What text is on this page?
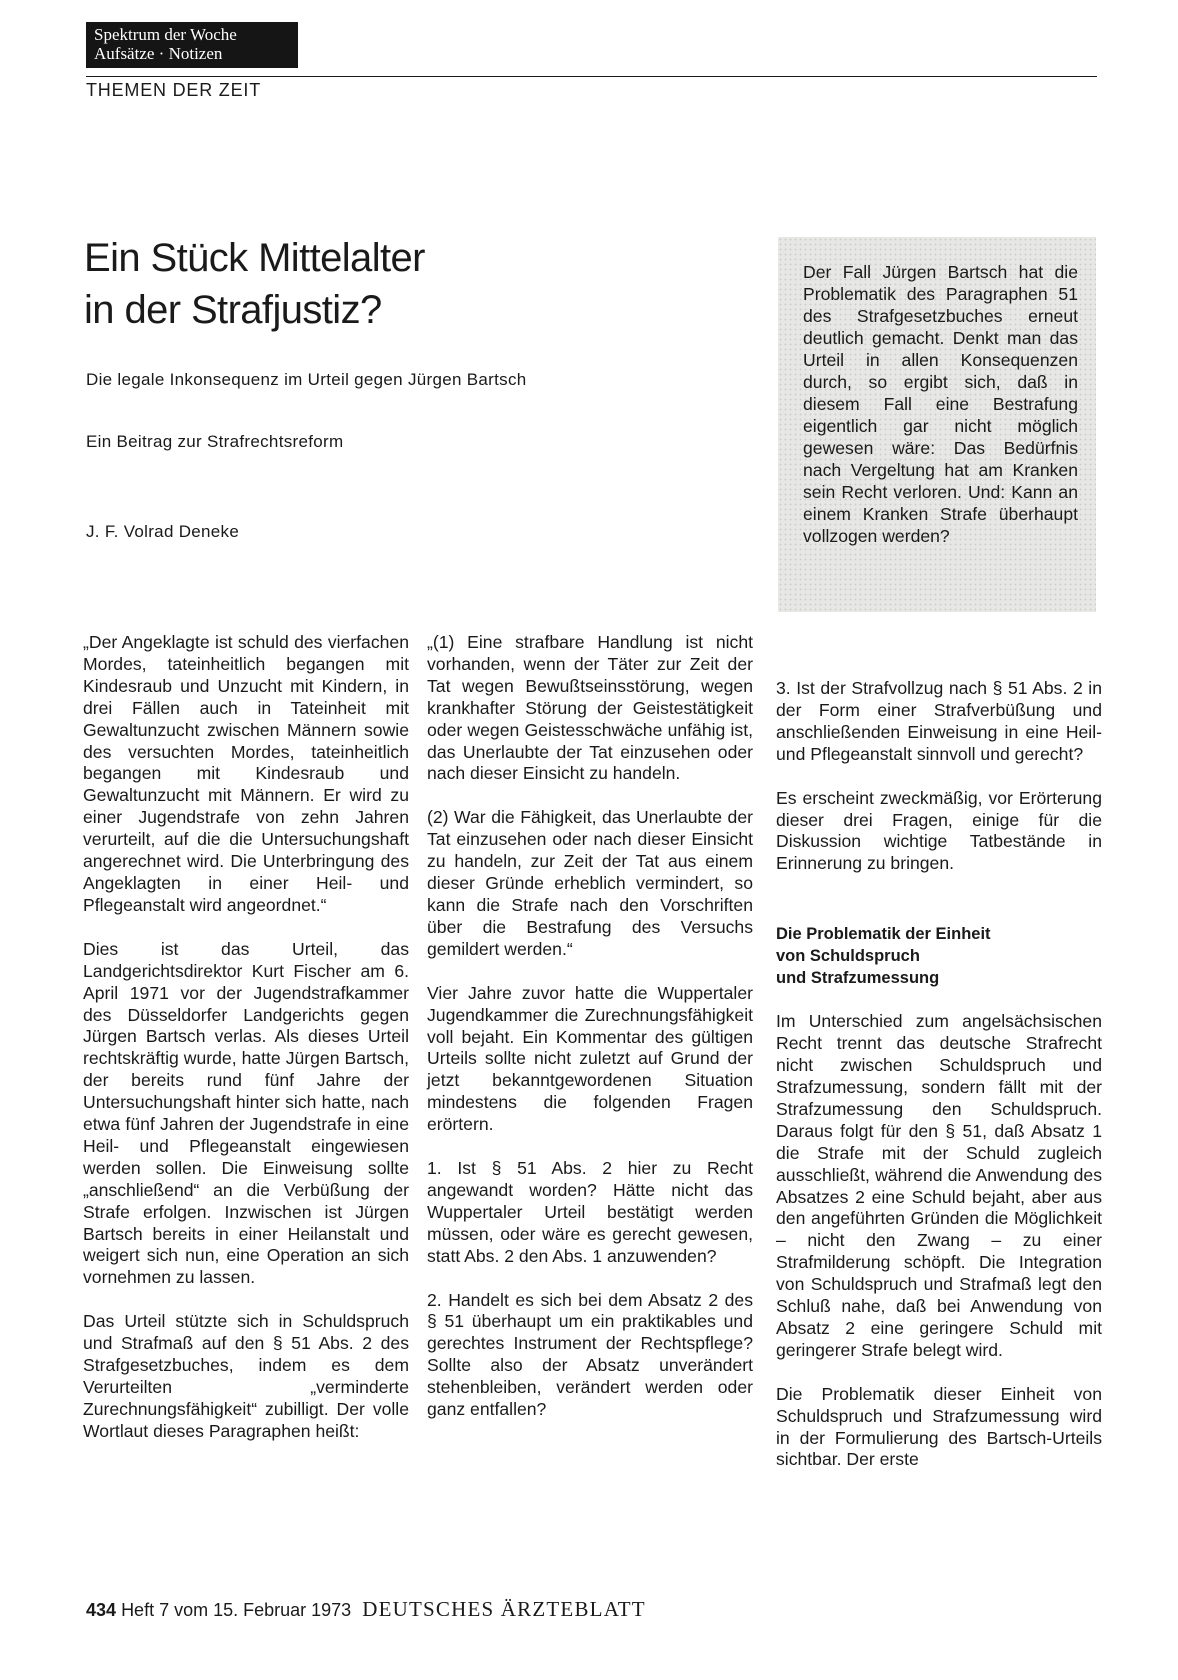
Spektrum der Woche
Aufsätze · Notizen
THEMEN DER ZEIT
Ein Stück Mittelalter
in der Strafjustiz?
Die legale Inkonsequenz im Urteil gegen Jürgen Bartsch
Ein Beitrag zur Strafrechtsreform
J. F. Volrad Deneke
Der Fall Jürgen Bartsch hat die Problematik des Paragraphen 51 des Strafgesetzbuches erneut deutlich gemacht. Denkt man das Urteil in allen Konsequenzen durch, so ergibt sich, daß in diesem Fall eine Bestrafung eigentlich gar nicht möglich gewesen wäre: Das Bedürfnis nach Vergeltung hat am Kranken sein Recht verloren. Und: Kann an einem Kranken Strafe überhaupt vollzogen werden?

„Der Angeklagte ist schuld des vierfachen Mordes, tateinheitlich begangen mit Kindesraub und Unzucht mit Kindern, in drei Fällen auch in Tateinheit mit Gewaltunzucht zwischen Männern sowie des versuchten Mordes, tateinheitlich begangen mit Kindesraub und Gewaltunzucht mit Männern. Er wird zu einer Jugendstrafe von zehn Jahren verurteilt, auf die die Untersuchungshaft angerechnet wird. Die Unterbringung des Angeklagten in einer Heil- und Pflegeanstalt wird angeordnet.“

Dies ist das Urteil, das Landgerichtsdirektor Kurt Fischer am 6. April 1971 vor der Jugendstrafkammer des Düsseldorfer Landgerichts gegen Jürgen Bartsch verlas. Als dieses Urteil rechtskräftig wurde, hatte Jürgen Bartsch, der bereits rund fünf Jahre der Untersuchungshaft hinter sich hatte, nach etwa fünf Jahren der Jugendstrafe in eine Heil- und Pflegeanstalt eingewiesen werden sollen. Die Einweisung sollte „anschließend“ an die Verbüßung der Strafe erfolgen. Inzwischen ist Jürgen Bartsch bereits in einer Heilanstalt und weigert sich nun, eine Operation an sich vornehmen zu lassen.

Das Urteil stützte sich in Schuldspruch und Strafmaß auf den § 51 Abs. 2 des Strafgesetzbuches, indem es dem Verurteilten „verminderte Zurechnungsfähigkeit“ zubilligt. Der volle Wortlaut dieses Paragraphen heißt:

„(1) Eine strafbare Handlung ist nicht vorhanden, wenn der Täter zur Zeit der Tat wegen Bewußtseinsstörung, wegen krankhafter Störung der Geistestätigkeit oder wegen Geistesschwäche unfähig ist, das Unerlaubte der Tat einzusehen oder nach dieser Einsicht zu handeln.

(2) War die Fähigkeit, das Unerlaubte der Tat einzusehen oder nach dieser Einsicht zu handeln, zur Zeit der Tat aus einem dieser Gründe erheblich vermindert, so kann die Strafe nach den Vorschriften über die Bestrafung des Versuchs gemildert werden.“

Vier Jahre zuvor hatte die Wuppertaler Jugendkammer die Zurechnungsfähigkeit voll bejaht. Ein Kommentar des gültigen Urteils sollte nicht zuletzt auf Grund der jetzt bekanntgewordenen Situation mindestens die folgenden Fragen erörtern.

1. Ist § 51 Abs. 2 hier zu Recht angewandt worden? Hätte nicht das Wuppertaler Urteil bestätigt werden müssen, oder wäre es gerecht gewesen, statt Abs. 2 den Abs. 1 anzuwenden?

2. Handelt es sich bei dem Absatz 2 des § 51 überhaupt um ein praktikables und gerechtes Instrument der Rechtspflege? Sollte also der Absatz unverändert stehenbleiben, verändert werden oder ganz entfallen?

3. Ist der Strafvollzug nach § 51 Abs. 2 in der Form einer Strafverbüßung und anschließenden Einweisung in eine Heil- und Pflegeanstalt sinnvoll und gerecht?

Es erscheint zweckmäßig, vor Erörterung dieser drei Fragen, einige für die Diskussion wichtige Tatbestände in Erinnerung zu bringen.

Die Problematik der Einheit
von Schuldspruch
und Strafzumessung

Im Unterschied zum angelsächsischen Recht trennt das deutsche Strafrecht nicht zwischen Schuldspruch und Strafzumessung, sondern fällt mit der Strafzumessung den Schuldspruch. Daraus folgt für den § 51, daß Absatz 1 die Strafe mit der Schuld zugleich ausschließt, während die Anwendung des Absatzes 2 eine Schuld bejaht, aber aus den angeführten Gründen die Möglichkeit – nicht den Zwang – zu einer Strafmilderung schöpft. Die Integration von Schuldspruch und Strafmaß legt den Schluß nahe, daß bei Anwendung von Absatz 2 eine geringere Schuld mit geringerer Strafe belegt wird.

Die Problematik dieser Einheit von Schuldspruch und Strafzumessung wird in der Formulierung des Bartsch-Urteils sichtbar. Der erste

434 Heft 7 vom 15. Februar 1973 DEUTSCHES ÄRZTEBLATT
